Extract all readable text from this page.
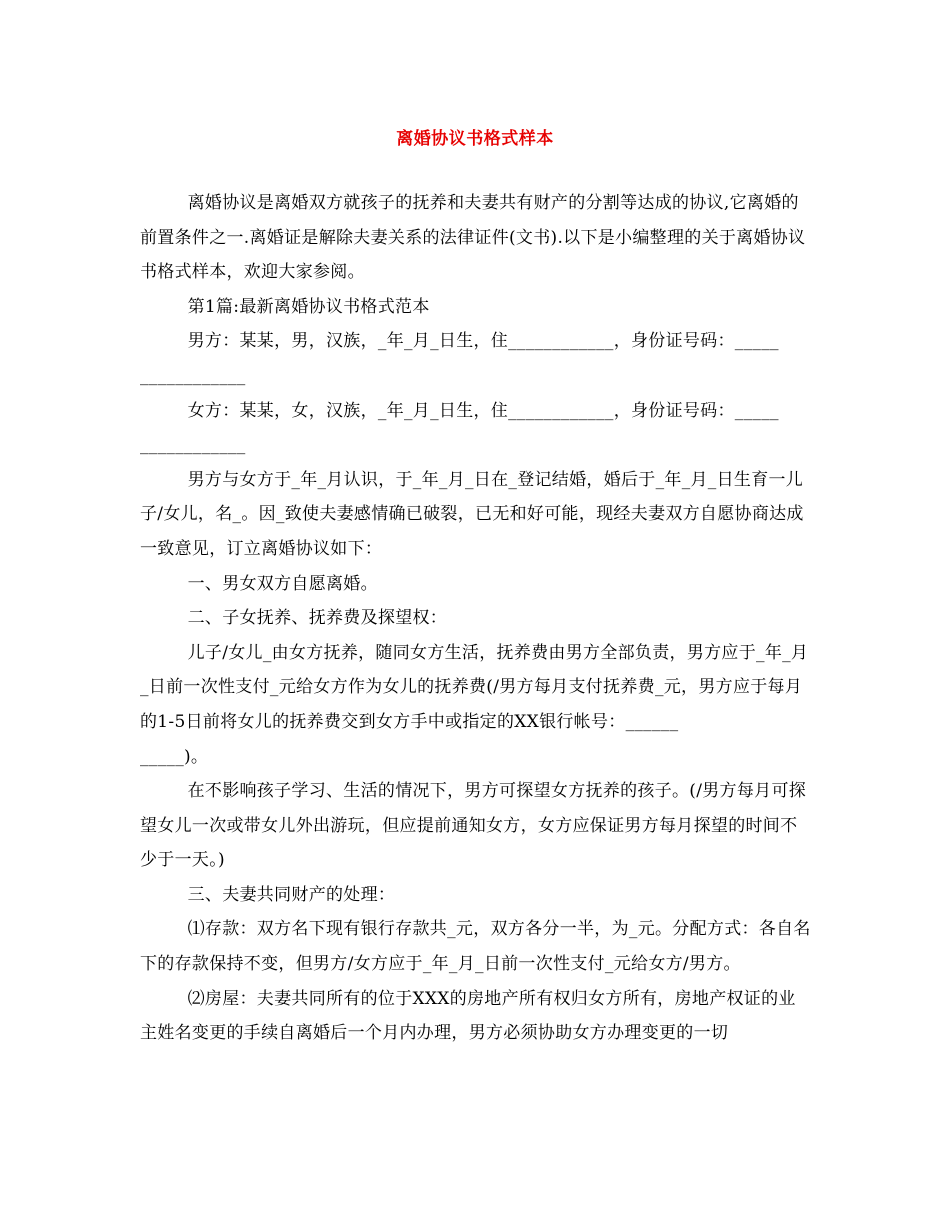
离婚协议书格式样本

离婚协议是离婚双方就孩子的抚养和夫妻共有财产的分割等达成的协议,它离婚的前置条件之一.离婚证是解除夫妻关系的法律证件(文书).以下是小编整理的关于离婚协议书格式样本，欢迎大家参阅。

第1篇:最新离婚协议书格式范本

男方：某某，男，汉族，_年_月_日生，住____________，身份证号码：_____

____________

女方：某某，女，汉族，_年_月_日生，住____________，身份证号码：_____

____________

男方与女方于_年_月认识，于_年_月_日在_登记结婚，婚后于_年_月_日生育一儿子/女儿，名_。因_致使夫妻感情确已破裂，已无和好可能，现经夫妻双方自愿协商达成一致意见，订立离婚协议如下：

一、男女双方自愿离婚。

二、子女抚养、抚养费及探望权：

儿子/女儿_由女方抚养，随同女方生活，抚养费由男方全部负责，男方应于_年_月_日前一次性支付_元给女方作为女儿的抚养费(/男方每月支付抚养费_元，男方应于每月的1-5日前将女儿的抚养费交到女方手中或指定的XX银行帐号：______

_____)。

在不影响孩子学习、生活的情况下，男方可探望女方抚养的孩子。(/男方每月可探望女儿一次或带女儿外出游玩，但应提前通知女方，女方应保证男方每月探望的时间不少于一天。)

三、夫妻共同财产的处理：

⑴存款：双方名下现有银行存款共_元，双方各分一半，为_元。分配方式：各自名下的存款保持不变，但男方/女方应于_年_月_日前一次性支付_元给女方/男方。

⑵房屋：夫妻共同所有的位于XXX的房地产所有权归女方所有，房地产权证的业主姓名变更的手续自离婚后一个月内办理，男方必须协助女方办理变更的一切
